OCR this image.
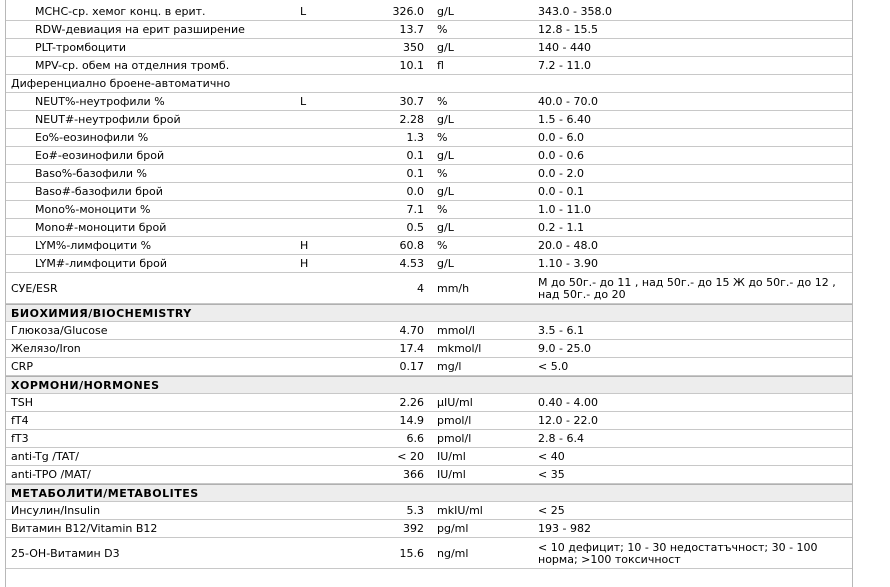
MCHC-ср. хемог конц. в ерит.	L	326.0 g/L	343.0 - 358.0
RDW-девиация на ерит разширение	13.7 %	12.8 - 15.5
PLT-тромбоцити	350 g/L	140 - 440
MPV-ср. обем на отделния тромб.	10.1 fl	7.2 - 11.0
Диференциално броене-автоматично
NEUT%-неутрофили %	L	30.7 %	40.0 - 70.0
NEUT#-неутрофили брой	2.28 g/L	1.5 - 6.40
Eo%-еозинофили %	1.3 %	0.0 - 6.0
Eo#-еозинофили брой	0.1 g/L	0.0 - 0.6
Baso%-базофили %	0.1 %	0.0 - 2.0
Baso#-базофили брой	0.0 g/L	0.0 - 0.1
Mono%-моноцити %	7.1 %	1.0 - 11.0
Mono#-моноцити брой	0.5 g/L	0.2 - 1.1
LYM%-лимфоцити %	H	60.8 %	20.0 - 48.0
LYM#-лимфоцити брой	H	4.53 g/L	1.10 - 3.90
СУЕ/ESR	4 mm/h	М до 50г.- до 11 , над 50г.- до 15 Ж до 50г.- до 12 , над 50г.- до 20
БИОХИМИЯ/BIOCHEMISTRY
Глюкоза/Glucose	4.70 mmol/l	3.5 - 6.1
Желязо/Iron	17.4 mkmol/l	9.0 - 25.0
CRP	0.17 mg/l	< 5.0
ХОРМОНИ/HORMONES
TSH	2.26 µIU/ml	0.40 - 4.00
fT4	14.9 pmol/l	12.0 - 22.0
fT3	6.6 pmol/l	2.8 - 6.4
anti-Tg /TAT/	< 20 IU/ml	< 40
anti-TPO /MAT/	366 IU/ml	< 35
МЕТАБОЛИТИ/METABOLITES
Инсулин/Insulin	5.3 mkIU/ml	< 25
Витамин B12/Vitamin B12	392 pg/ml	193 - 982
25-OH-Витамин D3	15.6 ng/ml	< 10 дефицит; 10 - 30 недостатъчност; 30 - 100 норма; >100 токсичност
